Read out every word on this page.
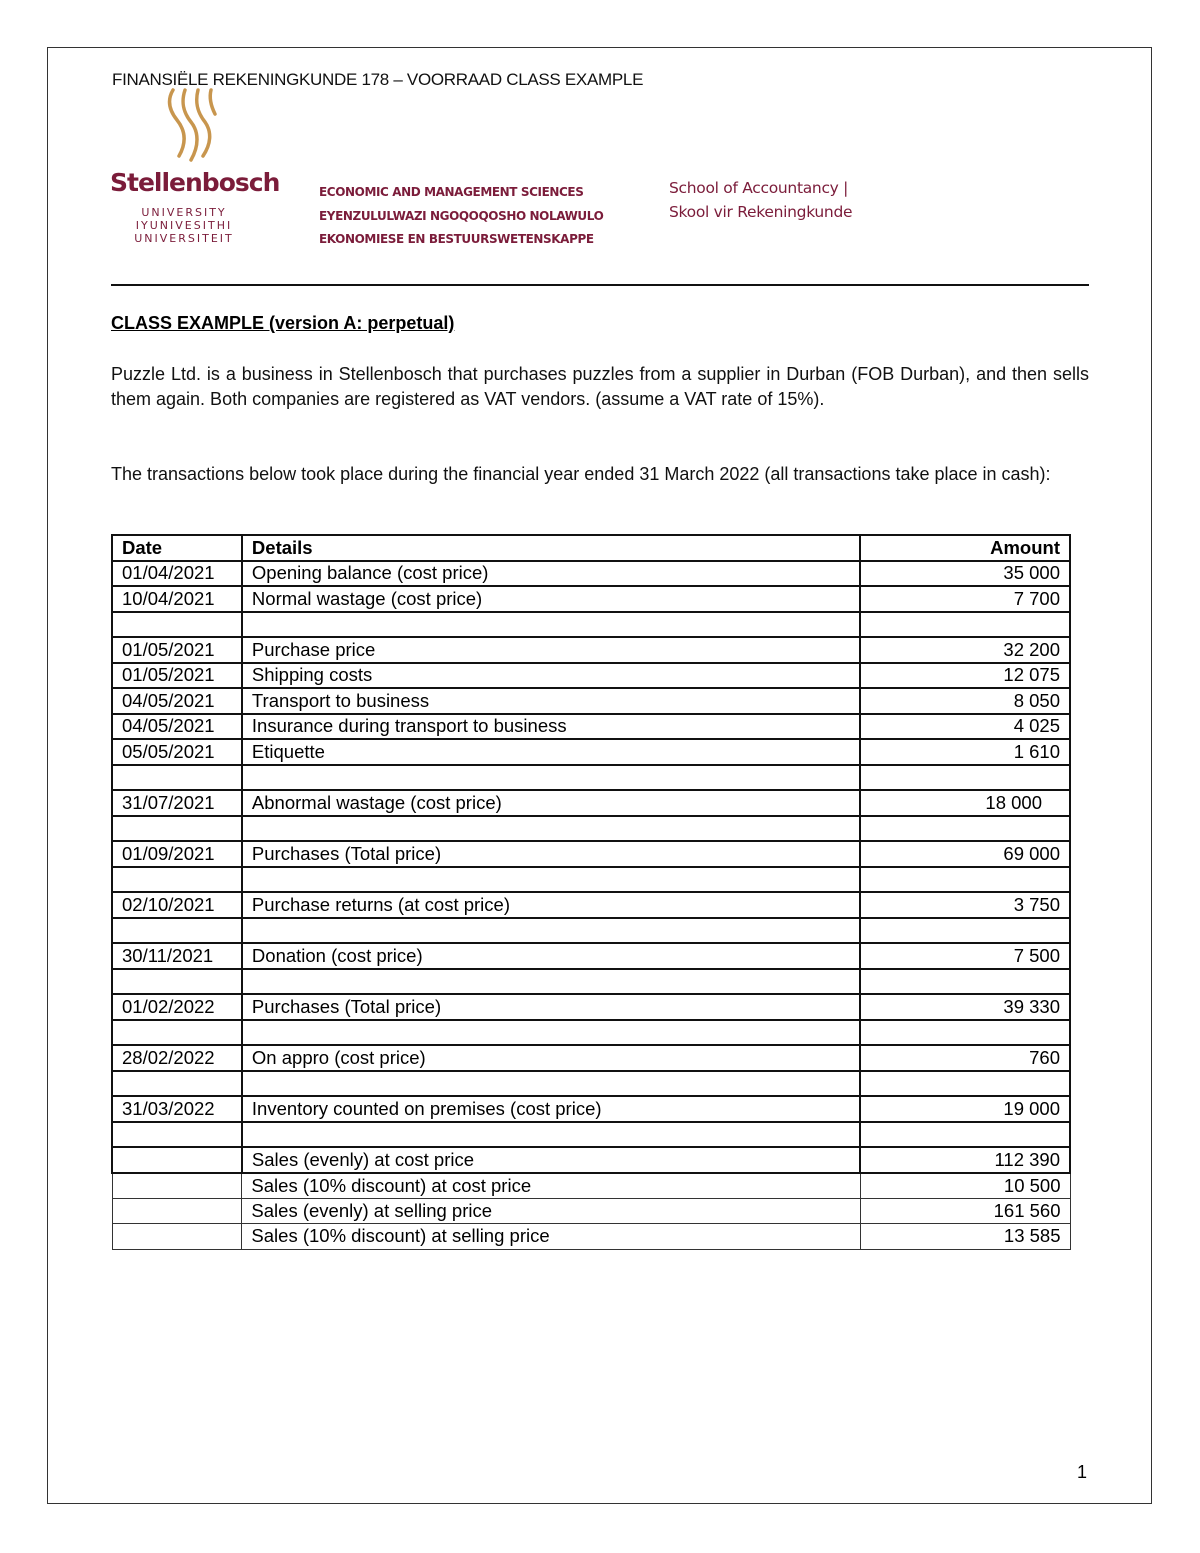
FINANSIËLE REKENINGKUNDE 178 – VOORRAAD CLASS EXAMPLE
Stellenbosch
UNIVERSITY
IYUNIVESITHI
UNIVERSITEIT
ECONOMIC AND MANAGEMENT SCIENCES
EYENZULULWAZI NGOQOQOSHO NOLAWULO
EKONOMIESE EN BESTUURSWETENSKAPPE
School of Accountancy |
Skool vir Rekeningkunde
CLASS EXAMPLE (version A: perpetual)
Puzzle Ltd. is a business in Stellenbosch that purchases puzzles from a supplier in Durban (FOB Durban), and then sells them again. Both companies are registered as VAT vendors. (assume a VAT rate of 15%).
The transactions below took place during the financial year ended 31 March 2022 (all transactions take place in cash):
Date	Details	Amount
01/04/2021	Opening balance (cost price)	35 000
10/04/2021	Normal wastage (cost price)	7 700

01/05/2021	Purchase price	32 200
01/05/2021	Shipping costs	12 075
04/05/2021	Transport to business	8 050
04/05/2021	Insurance during transport to business	4 025
05/05/2021	Etiquette	1 610

31/07/2021	Abnormal wastage (cost price)	18 000

01/09/2021	Purchases (Total price)	69 000

02/10/2021	Purchase returns (at cost price)	3 750

30/11/2021	Donation (cost price)	7 500

01/02/2022	Purchases (Total price)	39 330

28/02/2022	On appro (cost price)	760

31/03/2022	Inventory counted on premises (cost price)	19 000

	Sales (evenly) at cost price	112 390
	Sales (10% discount) at cost price	10 500
	Sales (evenly) at selling price	161 560
	Sales (10% discount) at selling price	13 585
1
